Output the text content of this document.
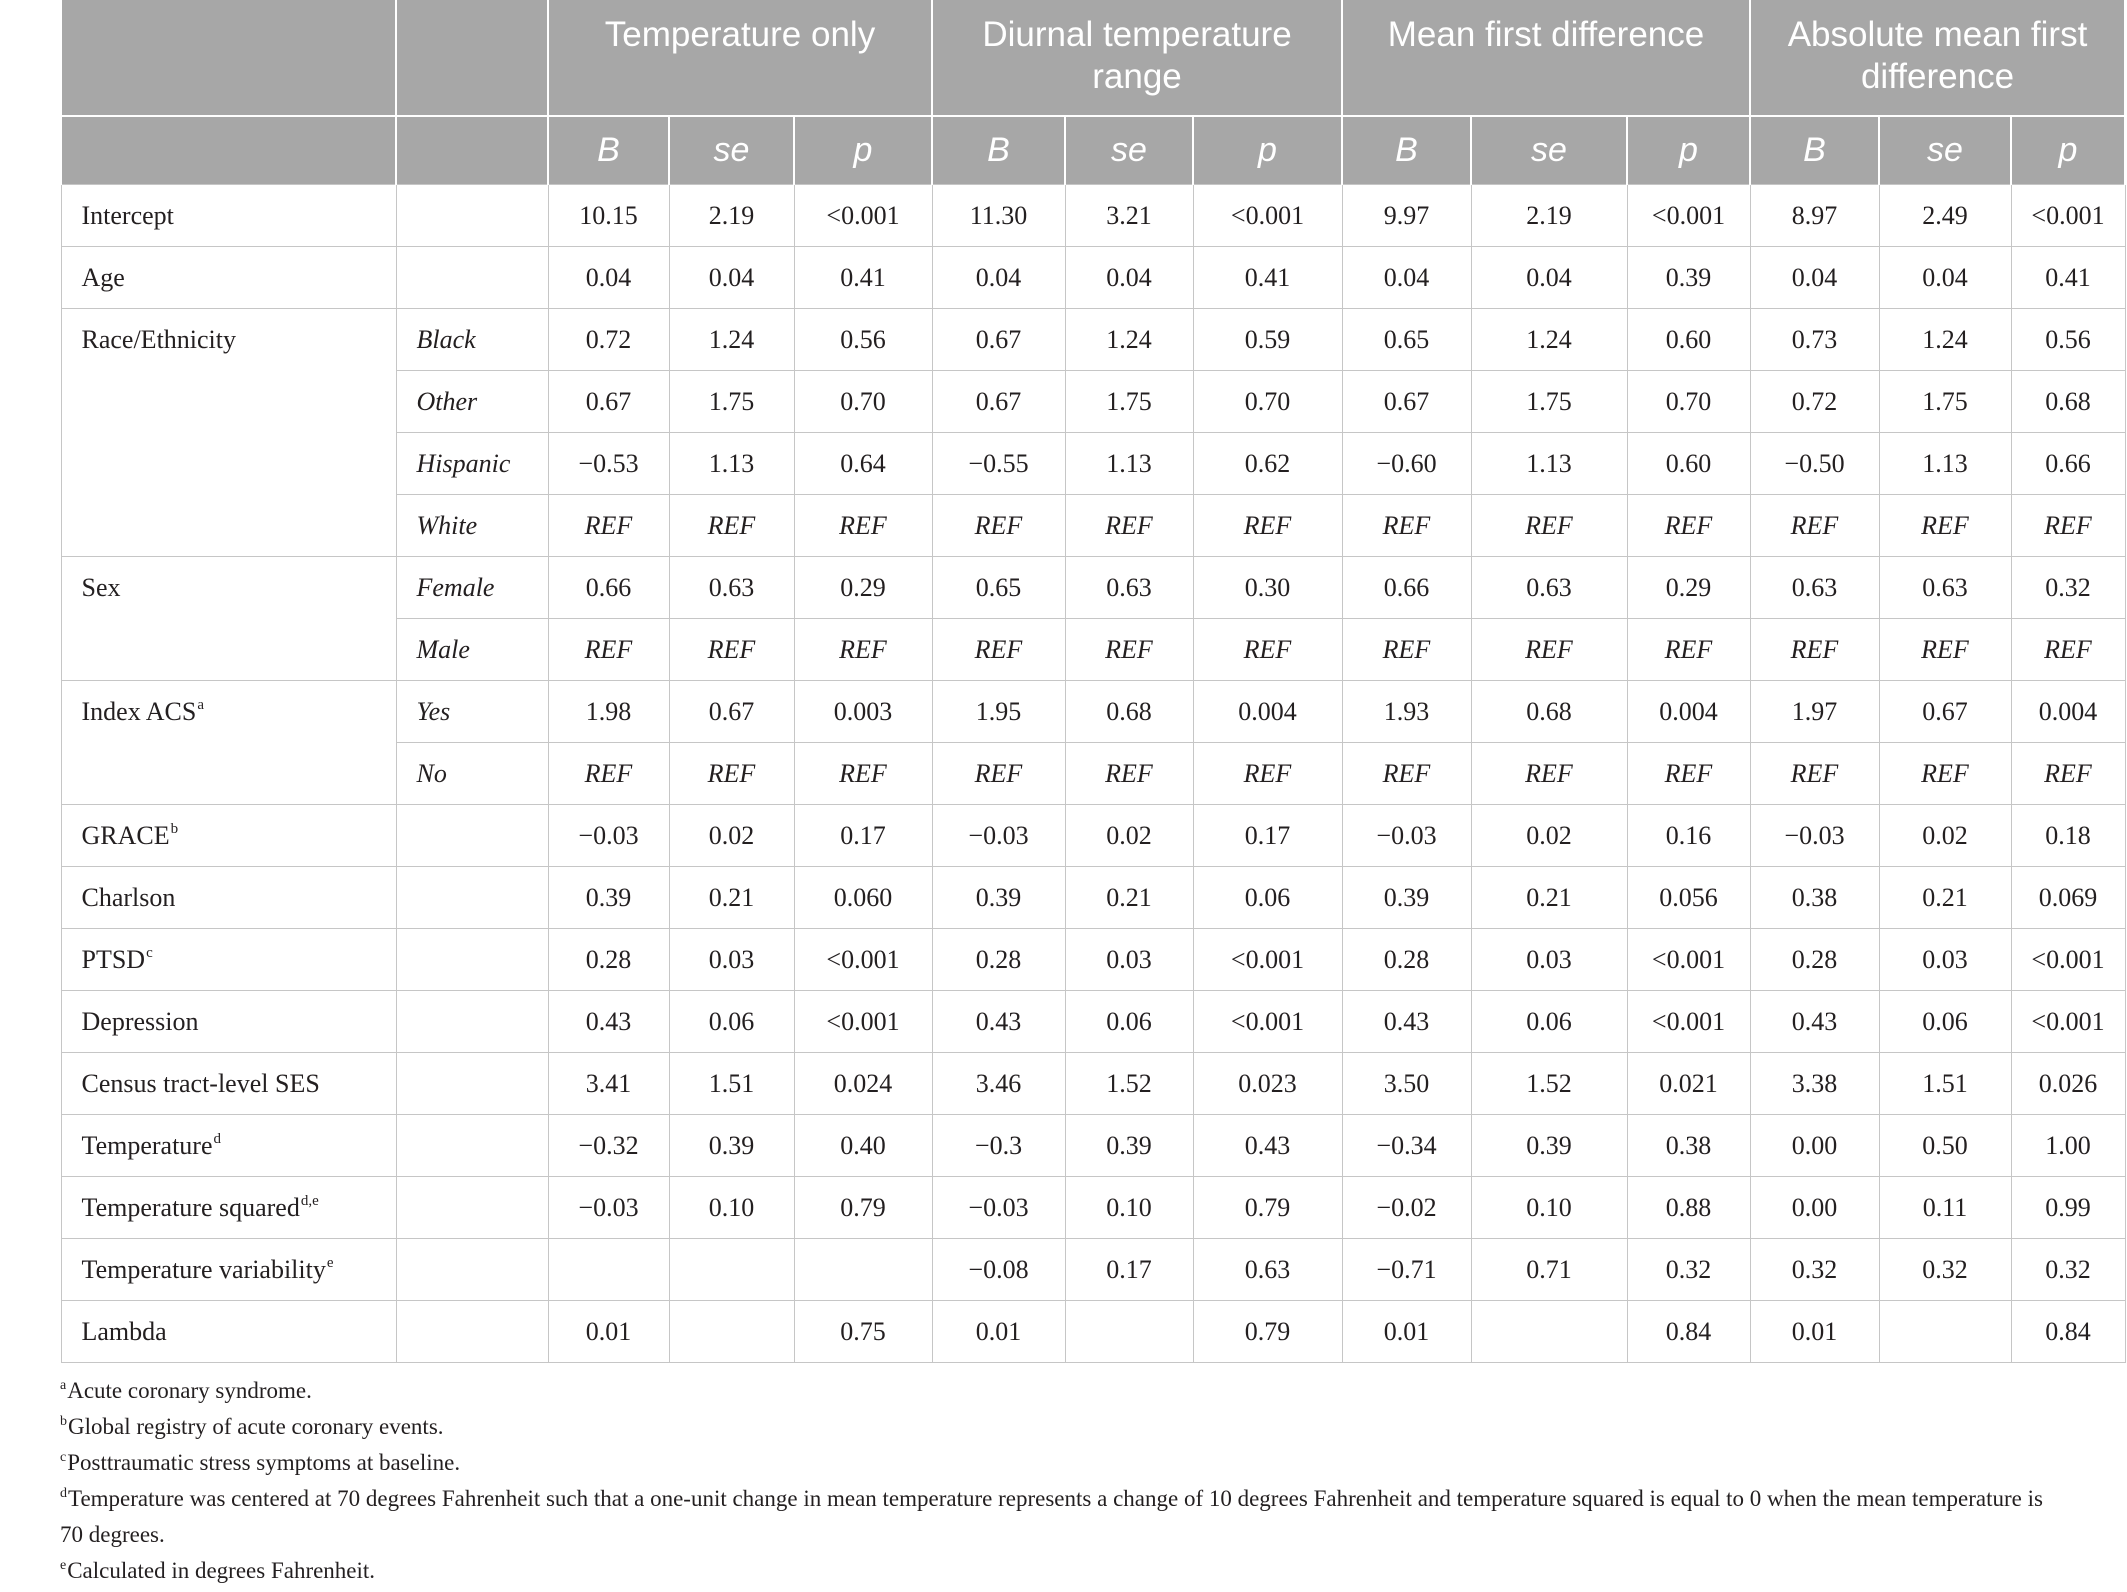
		Temperature only			Diurnal temperature range			Mean first difference			Absolute mean first difference		
		B	se	p	B	se	p	B	se	p	B	se	p
Intercept		10.15	2.19	<0.001	11.30	3.21	<0.001	9.97	2.19	<0.001	8.97	2.49	<0.001
Age		0.04	0.04	0.41	0.04	0.04	0.41	0.04	0.04	0.39	0.04	0.04	0.41
Race/Ethnicity	Black	0.72	1.24	0.56	0.67	1.24	0.59	0.65	1.24	0.60	0.73	1.24	0.56
	Other	0.67	1.75	0.70	0.67	1.75	0.70	0.67	1.75	0.70	0.72	1.75	0.68
	Hispanic	−0.53	1.13	0.64	−0.55	1.13	0.62	−0.60	1.13	0.60	−0.50	1.13	0.66
	White	REF	REF	REF	REF	REF	REF	REF	REF	REF	REF	REF	REF
Sex	Female	0.66	0.63	0.29	0.65	0.63	0.30	0.66	0.63	0.29	0.63	0.63	0.32
	Male	REF	REF	REF	REF	REF	REF	REF	REF	REF	REF	REF	REF
Index ACS$^a$	Yes	1.98	0.67	0.003	1.95	0.68	0.004	1.93	0.68	0.004	1.97	0.67	0.004
	No	REF	REF	REF	REF	REF	REF	REF	REF	REF	REF	REF	REF
GRACE$^b$		−0.03	0.02	0.17	−0.03	0.02	0.17	−0.03	0.02	0.16	−0.03	0.02	0.18
Charlson		0.39	0.21	0.060	0.39	0.21	0.06	0.39	0.21	0.056	0.38	0.21	0.069
PTSD$^c$		0.28	0.03	<0.001	0.28	0.03	<0.001	0.28	0.03	<0.001	0.28	0.03	<0.001
Depression		0.43	0.06	<0.001	0.43	0.06	<0.001	0.43	0.06	<0.001	0.43	0.06	<0.001
Census tract-level SES		3.41	1.51	0.024	3.46	1.52	0.023	3.50	1.52	0.021	3.38	1.51	0.026
Temperature$^d$		−0.32	0.39	0.40	−0.3	0.39	0.43	−0.34	0.39	0.38	0.00	0.50	1.00
Temperature squared$^{d,e}$		−0.03	0.10	0.79	−0.03	0.10	0.79	−0.02	0.10	0.88	0.00	0.11	0.99
Temperature variability$^e$					−0.08	0.17	0.63	−0.71	0.71	0.32	0.32	0.32	0.32
Lambda		0.01		0.75	0.01		0.79	0.01		0.84	0.01		0.84

$^a$Acute coronary syndrome.

$^b$Global registry of acute coronary events.

$^c$Posttraumatic stress symptoms at baseline.

$^d$Temperature was centered at 70 degrees Fahrenheit such that a one-unit change in mean temperature represents a change of 10 degrees Fahrenheit and temperature squared is equal to 0 when the mean temperature is 70 degrees.

$^e$Calculated in degrees Fahrenheit.
